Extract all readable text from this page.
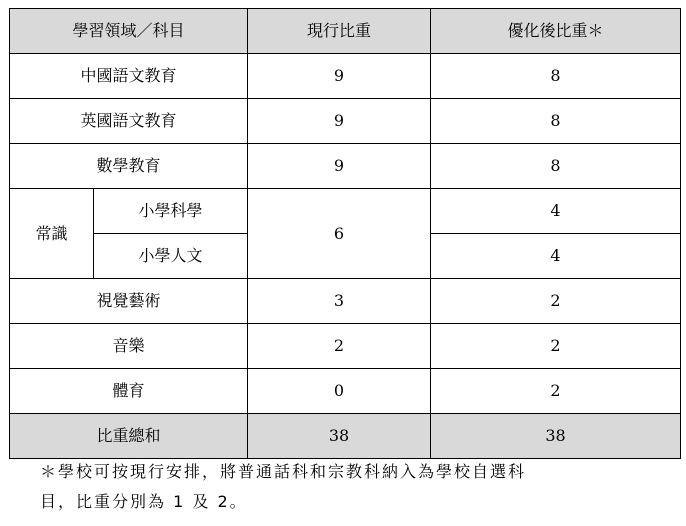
學習領域／科目		現行比重	優化後比重＊
中國語文教育		9	8
英國語文教育		9	8
數學教育		9	8
常識	小學科學	6	4
	小學人文		4
視覺藝術		3	2
音樂		2	2
體育		0	2
比重總和		38	38
＊學校可按現行安排，將普通話科和宗教科納入為學校自選科
目，比重分別為 1 及 2。
